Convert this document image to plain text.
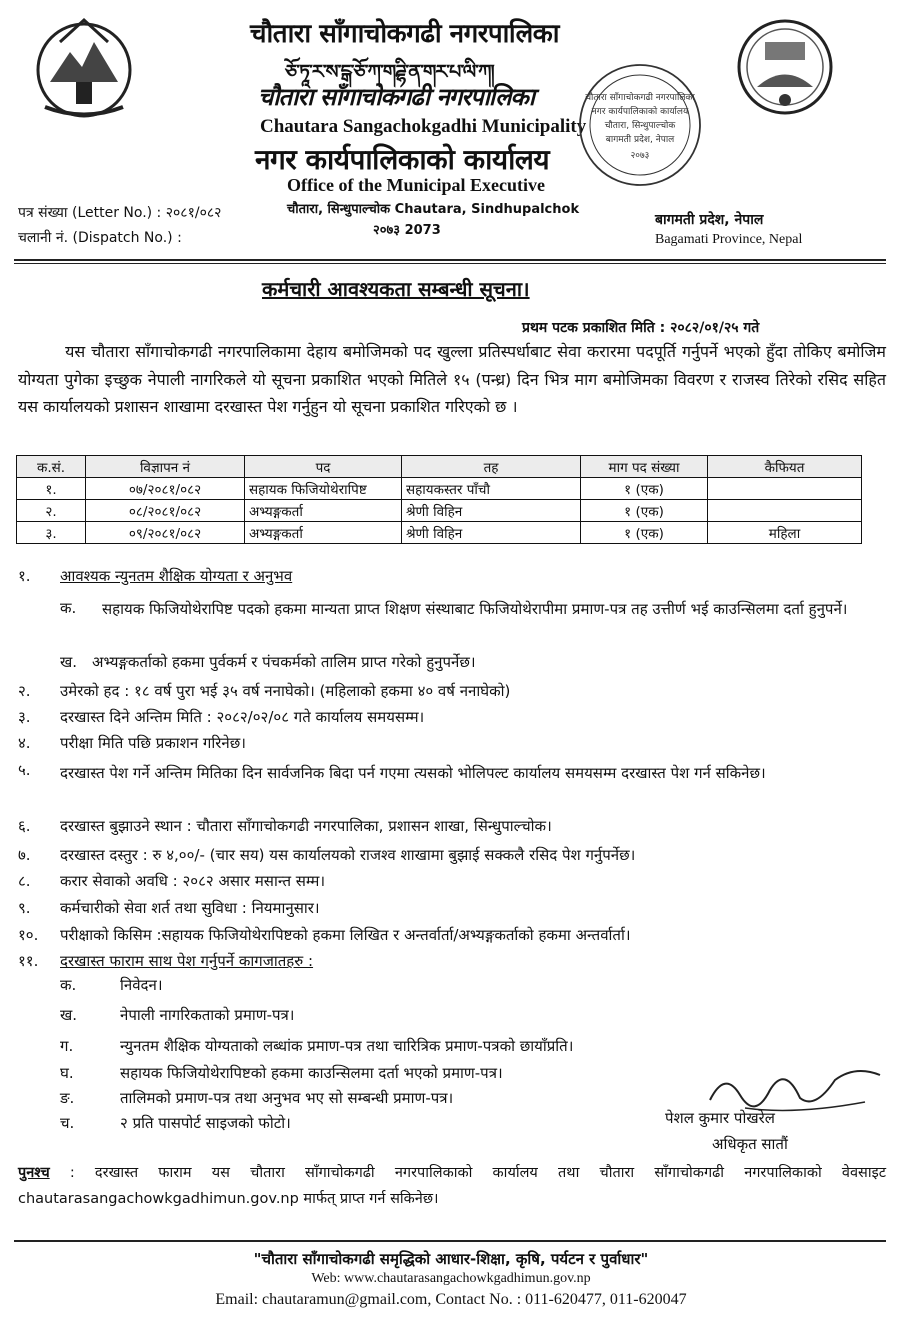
चौतारा साँगाचोकगढी नगरपालिका
ཅོ་ཏཱ་ར་ས་ངྒ་ཅོ་ཀ་གཌྷི་ན་གར་པ་ལི་ཀ།
चौतारा साँगाचोकगढी नगरपालिका
Chautara Sangachokgadhi Municipality
नगर कार्यपालिकाको कार्यालय
Office of the Municipal Executive
चौतारा, सिन्धुपाल्चोक Chautara, Sindhupalchok
२०७३ 2073
चौतारा साँगाचोकगढी नगरपालिका
नगर कार्यपालिकाको कार्यालय
चौतारा, सिन्धुपाल्चोक
बागमती प्रदेश, नेपाल
२०७३
पत्र संख्या (Letter No.) : २०८१/०८२
चलानी नं. (Dispatch No.) :
बागमती प्रदेश, नेपाल
Bagamati Province, Nepal
कर्मचारी आवश्यकता सम्बन्धी सूचना।
प्रथम पटक प्रकाशित मिति : २०८२/०१/२५ गते
यस चौतारा साँगाचोकगढी नगरपालिकामा देहाय बमोजिमको पद खुल्ला प्रतिस्पर्धाबाट सेवा करारमा पदपूर्ति गर्नुपर्ने भएको हुँदा तोकिए बमोजिम योग्यता पुगेका इच्छुक नेपाली नागरिकले यो सूचना प्रकाशित भएको मितिले १५ (पन्ध्र) दिन भित्र माग बमोजिमका विवरण र राजस्व तिरेको रसिद सहित यस कार्यालयको प्रशासन शाखामा दरखास्त पेश गर्नुहुन यो सूचना प्रकाशित गरिएको छ ।
क.सं.	विज्ञापन नं	पद	तह	माग पद संख्या	कैफियत
१.	०७/२०८१/०८२	सहायक फिजियोथेरापिष्ट	सहायकस्तर पाँचौ	१ (एक)	
२.	०८/२०८१/०८२	अभ्यङ्गकर्ता	श्रेणी विहिन	१ (एक)	
३.	०९/२०८१/०८२	अभ्यङ्गकर्ता	श्रेणी विहिन	१ (एक)	महिला
१. आवश्यक न्युनतम शैक्षिक योग्यता र अनुभव
क. सहायक फिजियोथेरापिष्ट पदको हकमा मान्यता प्राप्त शिक्षण संस्थाबाट फिजियोथेरापीमा प्रमाण-पत्र तह उत्तीर्ण भई काउन्सिलमा दर्ता हुनुपर्ने।
ख. अभ्यङ्गकर्ताको हकमा पुर्वकर्म र पंचकर्मको तालिम प्राप्त गरेको हुनुपर्नेछ।
२. उमेरको हद : १८ वर्ष पुरा भई ३५ वर्ष ननाघेको। (महिलाको हकमा ४० वर्ष ननाघेको)
३. दरखास्त दिने अन्तिम मिति : २०८२/०२/०८ गते कार्यालय समयसम्म।
४. परीक्षा मिति पछि प्रकाशन गरिनेछ।
५. दरखास्त पेश गर्ने अन्तिम मितिका दिन सार्वजनिक बिदा पर्न गएमा त्यसको भोलिपल्ट कार्यालय समयसम्म दरखास्त पेश गर्न सकिनेछ।
६. दरखास्त बुझाउने स्थान : चौतारा साँगाचोकगढी नगरपालिका, प्रशासन शाखा, सिन्धुपाल्चोक।
७. दरखास्त दस्तुर : रु ४,००/- (चार सय) यस कार्यालयको राजश्व शाखामा बुझाई सक्कलै रसिद पेश गर्नुपर्नेछ।
८. करार सेवाको अवधि : २०८२ असार मसान्त सम्म।
९. कर्मचारीको सेवा शर्त तथा सुविधा : नियमानुसार।
१०. परीक्षाको किसिम :सहायक फिजियोथेरापिष्टको हकमा लिखित र अन्तर्वार्ता/अभ्यङ्गकर्ताको हकमा अन्तर्वार्ता।
११. दरखास्त फाराम साथ पेश गर्नुपर्ने कागजातहरु :
क.	निवेदन।
ख.	नेपाली नागरिकताको प्रमाण-पत्र।
ग.	न्युनतम शैक्षिक योग्यताको लब्धांक प्रमाण-पत्र तथा चारित्रिक प्रमाण-पत्रको छायाँप्रति।
घ.	सहायक फिजियोथेरापिष्टको हकमा काउन्सिलमा दर्ता भएको प्रमाण-पत्र।
ङ.	तालिमको प्रमाण-पत्र तथा अनुभव भए सो सम्बन्धी प्रमाण-पत्र।
च.	२ प्रति पासपोर्ट साइजको फोटो।	पेशल कुमार पोखरेल
अधिकृत सातौं
पुनश्च : दरखास्त फाराम यस चौतारा साँगाचोकगढी नगरपालिकाको कार्यालय तथा चौतारा साँगाचोकगढी नगरपालिकाको वेवसाइट chautarasangachowkgadhimun.gov.np मार्फत् प्राप्त गर्न सकिनेछ।
"चौतारा साँगाचोकगढी समृद्धिको आधार-शिक्षा, कृषि, पर्यटन र पुर्वाधार"
Web: www.chautarasangachowkgadhimun.gov.np
Email: chautaramun@gmail.com, Contact No. : 011-620477, 011-620047
